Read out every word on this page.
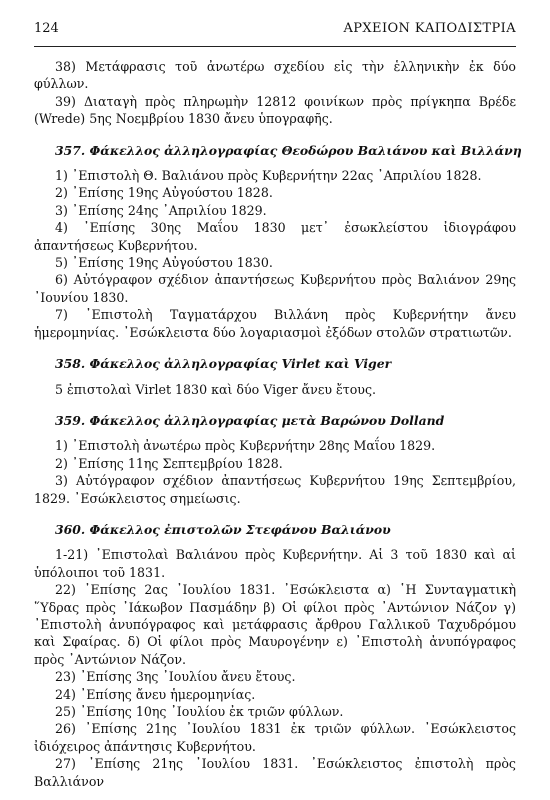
124	ΑΡΧΕΙΟΝ ΚΑΠΟΔΙΣΤΡΙΑ

38) Μετάφρασις τοῦ ἀνωτέρω σχεδίου εἰς τὴν ἑλληνικὴν ἐκ δύο φύλλων.

39) Διαταγὴ πρὸς πληρωμὴν 12812 φοινίκων πρὸς πρίγκηπα Βρέδε (Wrede) 5ης Νοεμβρίου 1830 ἄνευ ὑπογραφῆς.

357. Φάκελλος ἀλληλογραφίας Θεοδώρου Βαλιάνου καὶ Βιλλάνη

1) ᾿Επιστολὴ Θ. Βαλιάνου πρὸς Κυβερνήτην 22ας ᾿Απριλίου 1828.

2) ᾿Επίσης 19ης Αὐγούστου 1828.

3) ᾿Επίσης 24ης ᾿Απριλίου 1829.

4) ᾿Επίσης 30ης Μαΐου 1830 μετ᾿ ἐσωκλείστου ἰδιογράφου ἀπαντήσεως Κυβερνήτου.

5) ᾿Επίσης 19ης Αὐγούστου 1830.

6) Αὐτόγραφον σχέδιον ἀπαντήσεως Κυβερνήτου πρὸς Βαλιάνον 29ης ᾿Ιουνίου 1830.

7) ᾿Επιστολὴ Ταγματάρχου Βιλλάνη πρὸς Κυβερνήτην ἄνευ ἡμερομηνίας. ᾿Εσώκλειστα δύο λογαριασμοὶ ἐξόδων στολῶν στρατιωτῶν.

358. Φάκελλος ἀλληλογραφίας Virlet καὶ Viger

5 ἐπιστολαὶ Virlet 1830 καὶ δύο Viger ἄνευ ἔτους.

359. Φάκελλος ἀλληλογραφίας μετὰ Βαρώνου Dolland

1) ᾿Επιστολὴ ἀνωτέρω πρὸς Κυβερνήτην 28ης Μαΐου 1829.

2) ᾿Επίσης 11ης Σεπτεμβρίου 1828.

3) Αὐτόγραφον σχέδιον ἀπαντήσεως Κυβερνήτου 19ης Σεπτεμβρίου, 1829. ᾿Εσώκλειστος σημείωσις.

360. Φάκελλος ἐπιστολῶν Στεφάνου Βαλιάνου

1-21) ᾿Επιστολαὶ Βαλιάνου πρὸς Κυβερνήτην. Αἱ 3 τοῦ 1830 καὶ αἱ ὑπόλοιποι τοῦ 1831.

22) ᾿Επίσης 2ας ᾿Ιουλίου 1831. ᾿Εσώκλειστα α) ῾Η Συνταγματικὴ ῞Υδρας πρὸς ᾿Ιάκωβον Πασμάδην β) Οἱ φίλοι πρὸς ᾿Αντώνιον Νάζον γ) ᾿Επιστολὴ ἀνυπόγραφος καὶ μετάφρασις ἄρθρου Γαλλικοῦ Ταχυδρόμου καὶ Σφαίρας. δ) Οἱ φίλοι πρὸς Μαυρογένην ε) ᾿Επιστολὴ ἀνυπόγραφος πρὸς ᾿Αντώνιον Νάζον.

23) ᾿Επίσης 3ης ᾿Ιουλίου ἄνευ ἔτους.

24) ᾿Επίσης ἄνευ ἡμερομηνίας.

25) ᾿Επίσης 10ης ᾿Ιουλίου ἐκ τριῶν φύλλων.

26) ᾿Επίσης 21ης ᾿Ιουλίου 1831 ἐκ τριῶν φύλλων. ᾿Εσώκλειστος ἰδιόχειρος ἀπάντησις Κυβερνήτου.

27) ᾿Επίσης 21ης ᾿Ιουλίου 1831. ᾿Εσώκλειστος ἐπιστολὴ πρὸς Βαλλιάνον
